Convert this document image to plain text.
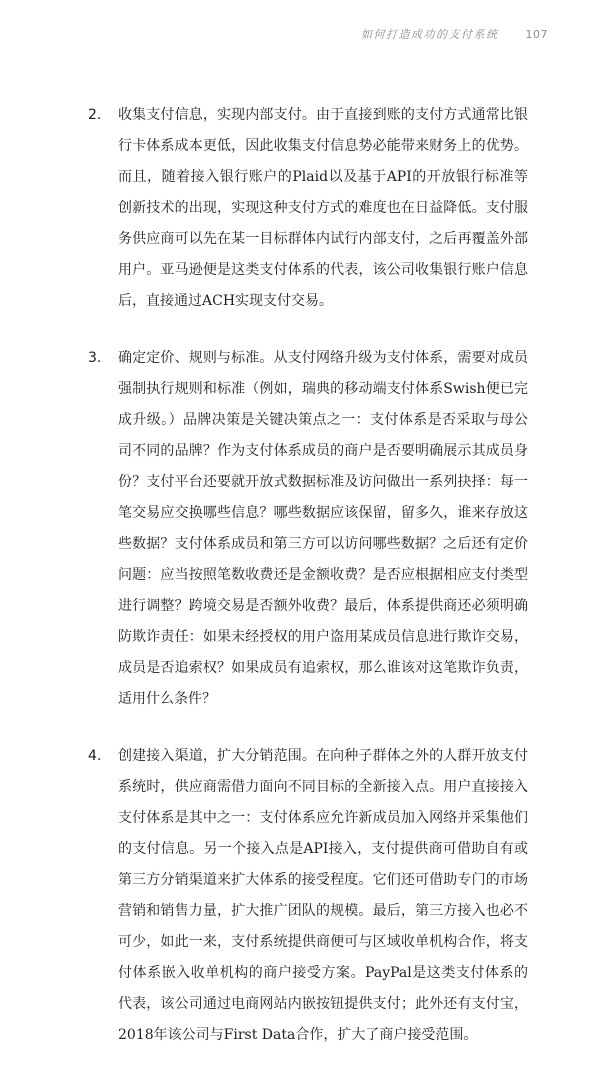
如何打造成功的支付系统 107
2.	收集支付信息，实现内部支付。由于直接到账的支付方式通常比银行卡体系成本更低，因此收集支付信息势必能带来财务上的优势。而且，随着接入银行账户的Plaid以及基于API的开放银行标准等创新技术的出现，实现这种支付方式的难度也在日益降低。支付服务供应商可以先在某一目标群体内试行内部支付，之后再覆盖外部用户。亚马逊便是这类支付体系的代表，该公司收集银行账户信息后，直接通过ACH实现支付交易。

3.	确定定价、规则与标准。从支付网络升级为支付体系，需要对成员强制执行规则和标准（例如，瑞典的移动端支付体系Swish便已完成升级。）品牌决策是关键决策点之一：支付体系是否采取与母公司不同的品牌？作为支付体系成员的商户是否要明确展示其成员身份？支付平台还要就开放式数据标准及访问做出一系列抉择：每一笔交易应交换哪些信息？哪些数据应该保留，留多久，谁来存放这些数据？支付体系成员和第三方可以访问哪些数据？之后还有定价问题：应当按照笔数收费还是金额收费？是否应根据相应支付类型进行调整？跨境交易是否额外收费？最后，体系提供商还必须明确防欺诈责任：如果未经授权的用户盗用某成员信息进行欺诈交易，成员是否追索权？如果成员有追索权，那么谁该对这笔欺诈负责，适用什么条件？

4.	创建接入渠道，扩大分销范围。在向种子群体之外的人群开放支付系统时，供应商需借力面向不同目标的全新接入点。用户直接接入支付体系是其中之一：支付体系应允许新成员加入网络并采集他们的支付信息。另一个接入点是API接入，支付提供商可借助自有或第三方分销渠道来扩大体系的接受程度。它们还可借助专门的市场营销和销售力量，扩大推广团队的规模。最后，第三方接入也必不可少，如此一来，支付系统提供商便可与区域收单机构合作，将支付体系嵌入收单机构的商户接受方案。PayPal是这类支付体系的代表，该公司通过电商网站内嵌按钮提供支付；此外还有支付宝，2018年该公司与First Data合作，扩大了商户接受范围。
